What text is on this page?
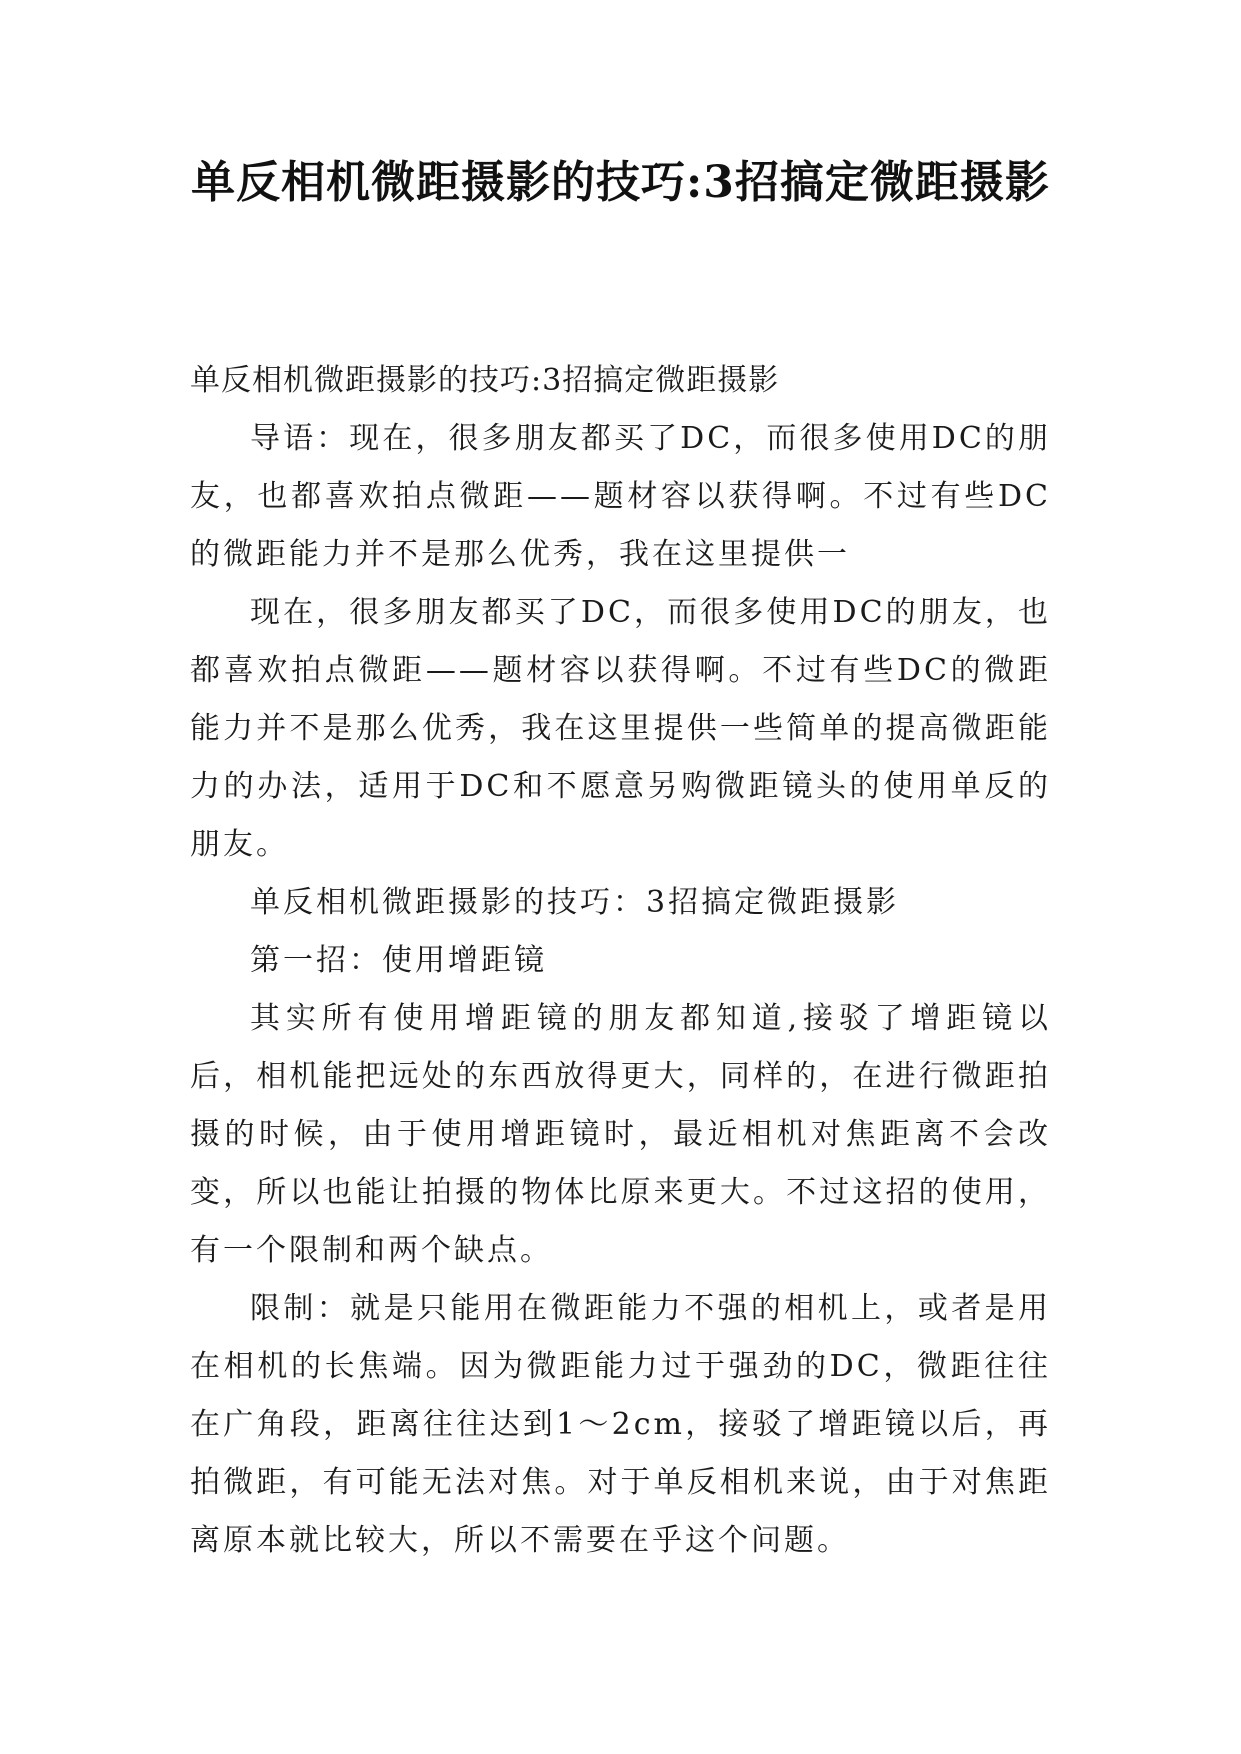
单反相机微距摄影的技巧:3招搞定微距摄影

单反相机微距摄影的技巧:3招搞定微距摄影

导语：现在，很多朋友都买了DC，而很多使用DC的朋友，也都喜欢拍点微距——题材容以获得啊。不过有些DC的微距能力并不是那么优秀，我在这里提供一

现在，很多朋友都买了DC，而很多使用DC的朋友，也都喜欢拍点微距——题材容以获得啊。不过有些DC的微距能力并不是那么优秀，我在这里提供一些简单的提高微距能力的办法，适用于DC和不愿意另购微距镜头的使用单反的朋友。

单反相机微距摄影的技巧：3招搞定微距摄影

第一招：使用增距镜

其实所有使用增距镜的朋友都知道,接驳了增距镜以后，相机能把远处的东西放得更大，同样的，在进行微距拍摄的时候，由于使用增距镜时，最近相机对焦距离不会改变，所以也能让拍摄的物体比原来更大。不过这招的使用，有一个限制和两个缺点。

限制：就是只能用在微距能力不强的相机上，或者是用在相机的长焦端。因为微距能力过于强劲的DC，微距往往在广角段，距离往往达到1～2cm，接驳了增距镜以后，再拍微距，有可能无法对焦。对于单反相机来说，由于对焦距离原本就比较大，所以不需要在乎这个问题。
